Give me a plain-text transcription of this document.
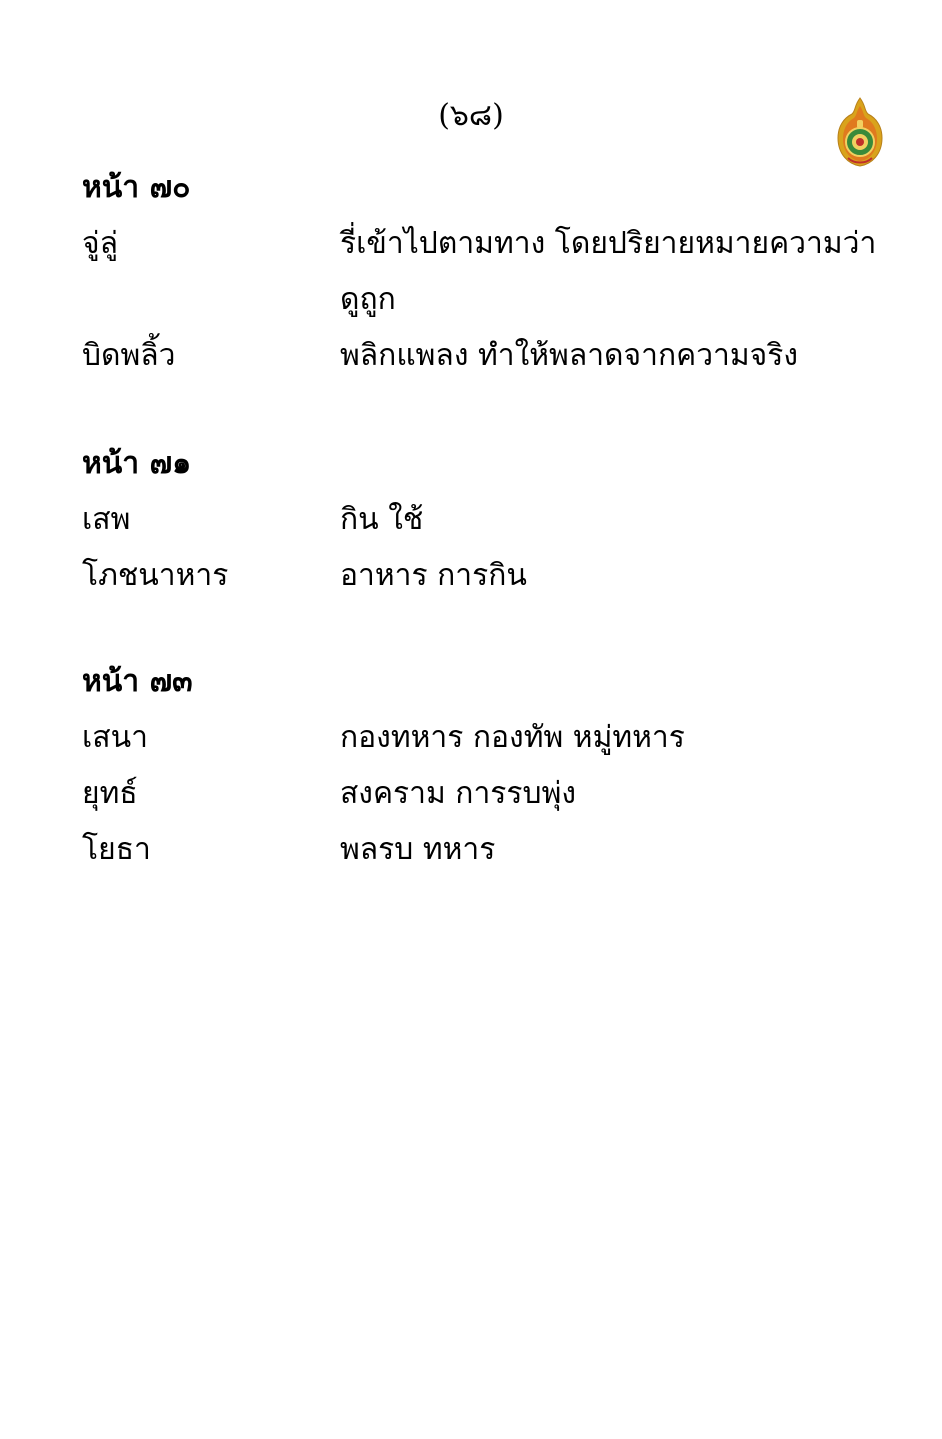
(๖๘)
หน้า ๗๐
จู่ลู่	รี่เข้าไปตามทาง โดยปริยายหมายความว่า
ดูถูก
บิดพลิ้ว	พลิกแพลง ทำให้พลาดจากความจริง
หน้า ๗๑
เสพ	กิน ใช้
โภชนาหาร	อาหาร การกิน
หน้า ๗๓
เสนา	กองทหาร กองทัพ หมู่ทหาร
ยุทธ์	สงคราม การรบพุ่ง
โยธา	พลรบ ทหาร
